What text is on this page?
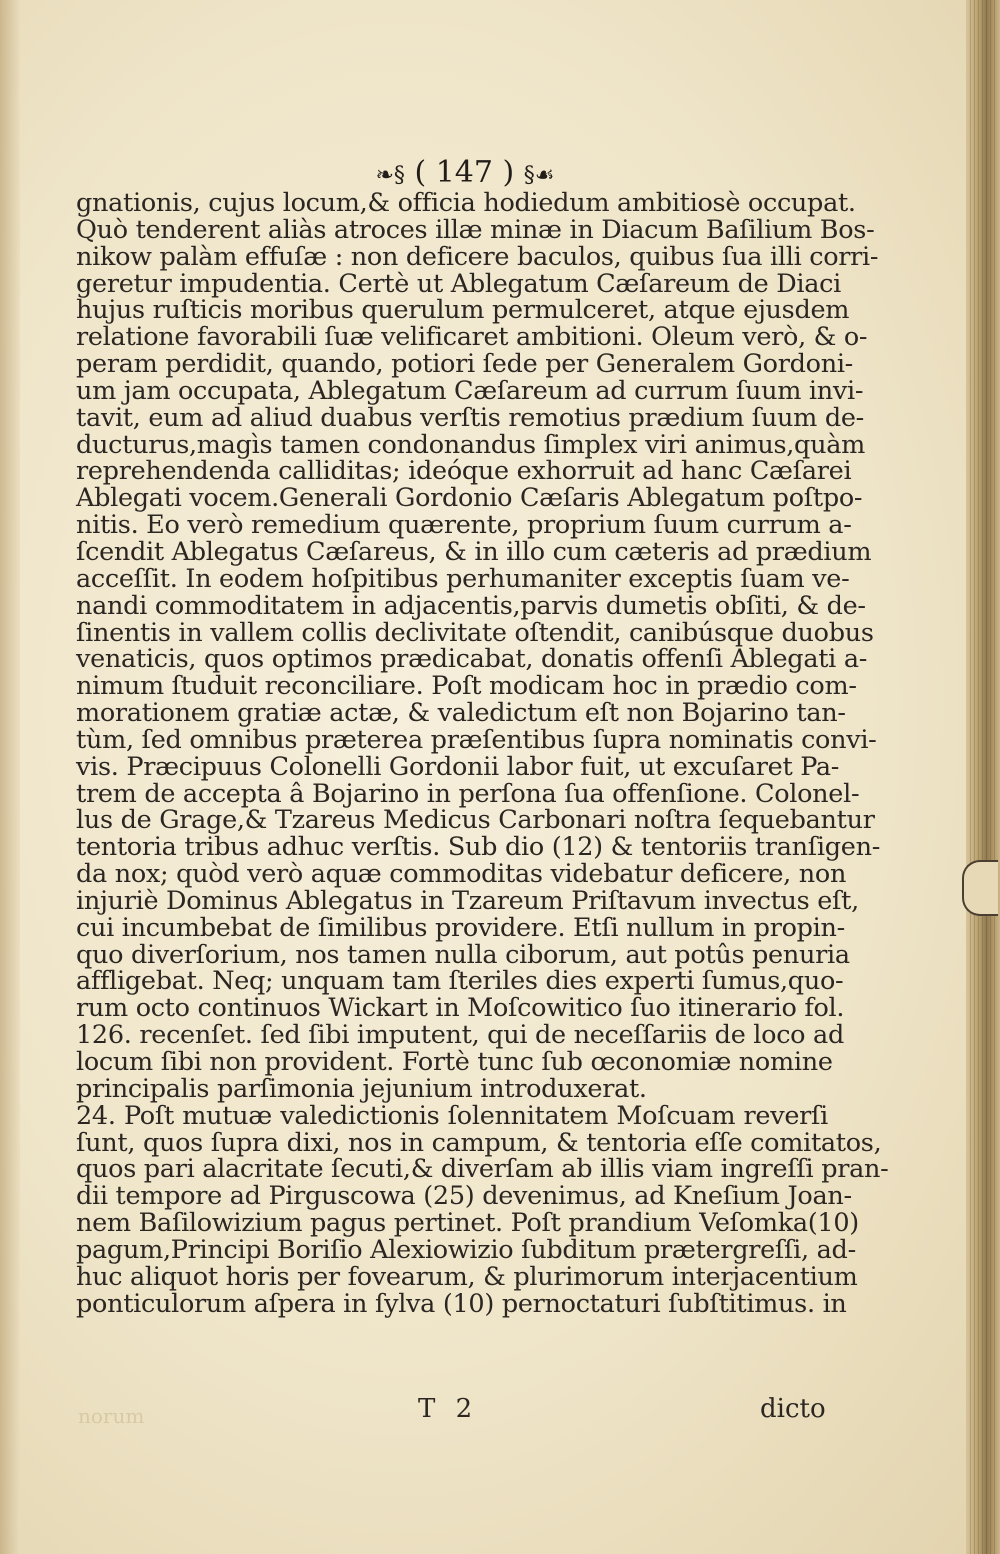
❧§ ( 147 ) §☙
gnationis, cujus locum,& officia hodiedum ambitiosè occupat.
Quò tenderent aliàs atroces illæ minæ in Diacum Baſilium Bos-
nikow palàm effuſæ : non deficere baculos, quibus ſua illi corri-
geretur impudentia. Certè ut Ablegatum Cæſareum de Diaci
hujus ruſticis moribus querulum permulceret, atque ejusdem
relatione favorabili ſuæ velificaret ambitioni. Oleum verò, & o-
peram perdidit, quando, potiori ſede per Generalem Gordoni-
um jam occupata, Ablegatum Cæſareum ad currum ſuum invi-
tavit, eum ad aliud duabus verſtis remotius prædium ſuum de-
ducturus,magìs tamen condonandus ſimplex viri animus,quàm
reprehendenda calliditas; ideóque exhorruit ad hanc Cæſarei
Ablegati vocem.Generali Gordonio Cæſaris Ablegatum poſtpo-
nitis. Eo verò remedium quærente, proprium ſuum currum a-
ſcendit Ablegatus Cæſareus, & in illo cum cæteris ad prædium
acceſſit. In eodem hoſpitibus perhumaniter exceptis ſuam ve-
nandi commoditatem in adjacentis,parvis dumetis obſiti, & de-
ſinentis in vallem collis declivitate oſtendit, canibúsque duobus
venaticis, quos optimos prædicabat, donatis offenſi Ablegati a-
nimum ſtuduit reconciliare. Poſt modicam hoc in prædio com-
morationem gratiæ actæ, & valedictum eſt non Bojarino tan-
tùm, ſed omnibus præterea præſentibus ſupra nominatis convi-
vis. Præcipuus Colonelli Gordonii labor fuit, ut excuſaret Pa-
trem de accepta â Bojarino in perſona ſua offenſione. Colonel-
lus de Grage,& Tzareus Medicus Carbonari noſtra ſequebantur
tentoria tribus adhuc verſtis. Sub dio (12) & tentoriis tranſigen-
da nox; quòd verò aquæ commoditas videbatur deficere, non
injuriè Dominus Ablegatus in Tzareum Priſtavum invectus eſt,
cui incumbebat de ſimilibus providere. Etſi nullum in propin-
quo diverſorium, nos tamen nulla ciborum, aut potûs penuria
affligebat. Neq; unquam tam ſteriles dies experti ſumus,quo-
rum octo continuos Wickart in Moſcowitico ſuo itinerario fol.
126. recenſet. ſed ſibi imputent, qui de neceſſariis de loco ad
locum ſibi non provident. Fortè tunc ſub œconomiæ nomine
principalis parſimonia jejunium introduxerat.
24. Poſt mutuæ valedictionis ſolennitatem Moſcuam reverſi
ſunt, quos ſupra dixi, nos in campum, & tentoria eſſe comitatos,
quos pari alacritate ſecuti,& diverſam ab illis viam ingreſſi pran-
dii tempore ad Pirguscowa (25) devenimus, ad Kneſium Joan-
nem Baſilowizium pagus pertinet. Poſt prandium Veſomka(10)
pagum,Principi Boriſio Alexiowizio ſubditum prætergreſſi, ad-
huc aliquot horis per fovearum, & plurimorum interjacentium
ponticulorum aſpera in ſylva (10) pernoctaturi ſubſtitimus. in
norum	T 2	dicto
